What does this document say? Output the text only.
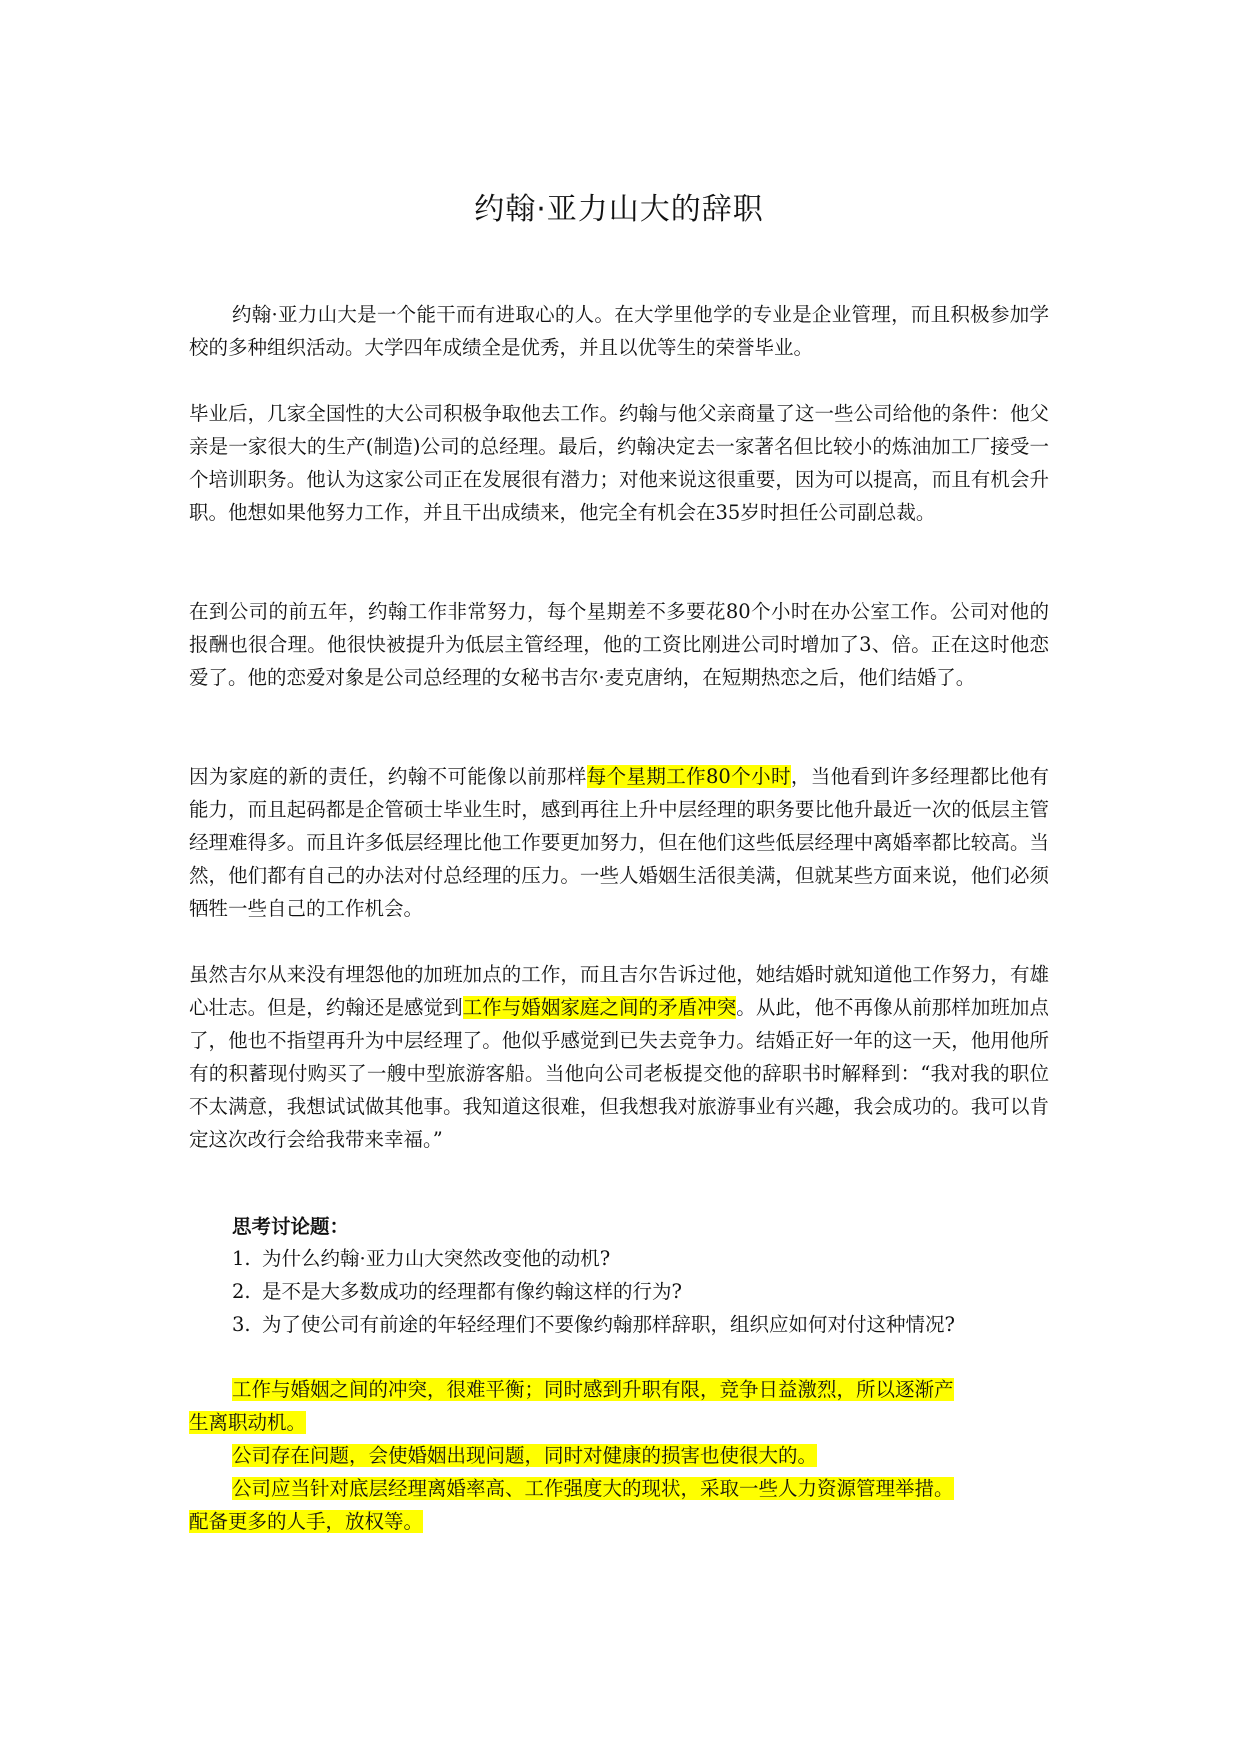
约翰·亚力山大的辞职

约翰·亚力山大是一个能干而有进取心的人。在大学里他学的专业是企业管理，而且积极参加学校的多种组织活动。大学四年成绩全是优秀，并且以优等生的荣誉毕业。

毕业后，几家全国性的大公司积极争取他去工作。约翰与他父亲商量了这一些公司给他的条件：他父亲是一家很大的生产(制造)公司的总经理。最后，约翰决定去一家著名但比较小的炼油加工厂接受一个培训职务。他认为这家公司正在发展很有潜力；对他来说这很重要，因为可以提高，而且有机会升职。他想如果他努力工作，并且干出成绩来，他完全有机会在35岁时担任公司副总裁。

在到公司的前五年，约翰工作非常努力，每个星期差不多要花80个小时在办公室工作。公司对他的报酬也很合理。他很快被提升为低层主管经理，他的工资比刚进公司时增加了3、倍。正在这时他恋爱了。他的恋爱对象是公司总经理的女秘书吉尔·麦克唐纳，在短期热恋之后，他们结婚了。

因为家庭的新的责任，约翰不可能像以前那样每个星期工作80个小时，当他看到许多经理都比他有能力，而且起码都是企管硕士毕业生时，感到再往上升中层经理的职务要比他升最近一次的低层主管经理难得多。而且许多低层经理比他工作要更加努力，但在他们这些低层经理中离婚率都比较高。当然，他们都有自己的办法对付总经理的压力。一些人婚姻生活很美满，但就某些方面来说，他们必须牺牲一些自己的工作机会。

虽然吉尔从来没有埋怨他的加班加点的工作，而且吉尔告诉过他，她结婚时就知道他工作努力，有雄心壮志。但是，约翰还是感觉到工作与婚姻家庭之间的矛盾冲突。从此，他不再像从前那样加班加点了，他也不指望再升为中层经理了。他似乎感觉到已失去竞争力。结婚正好一年的这一天，他用他所有的积蓄现付购买了一艘中型旅游客船。当他向公司老板提交他的辞职书时解释到：“我对我的职位不太满意，我想试试做其他事。我知道这很难，但我想我对旅游事业有兴趣，我会成功的。我可以肯定这次改行会给我带来幸福。”

思考讨论题：

1. 为什么约翰·亚力山大突然改变他的动机?
2. 是不是大多数成功的经理都有像约翰这样的行为?
3. 为了使公司有前途的年轻经理们不要像约翰那样辞职，组织应如何对付这种情况?
工作与婚姻之间的冲突，很难平衡；同时感到升职有限，竞争日益激烈，所以逐渐产
生离职动机。
公司存在问题，会使婚姻出现问题，同时对健康的损害也使很大的。
公司应当针对底层经理离婚率高、工作强度大的现状，采取一些人力资源管理举措。
配备更多的人手，放权等。
